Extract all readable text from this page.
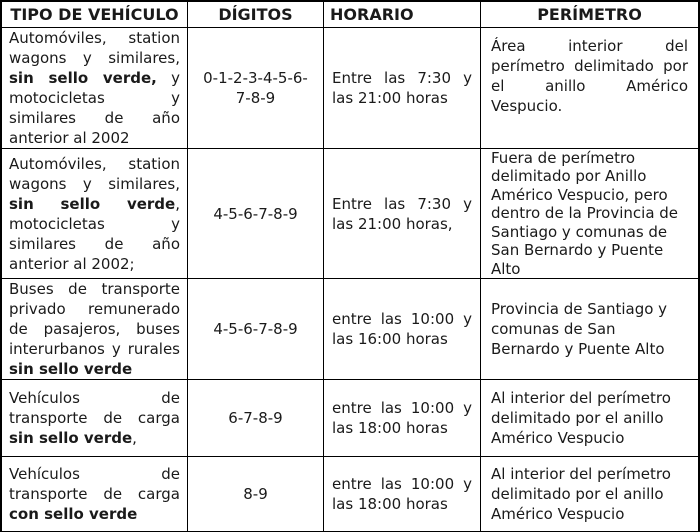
TIPO DE VEHÍCULO	DÍGITOS	HORARIO	PERÍMETRO
Automóviles, station wagons y similares, sin sello verde, y motocicletas y similares de año anterior al 2002	0-1-2-3-4-5-6-7-8-9	Entre las 7:30 y las 21:00 horas	Área interior del perímetro delimitado por el anillo Américo Vespucio.
Automóviles, station wagons y similares, sin sello verde, motocicletas y similares de año anterior al 2002;	4-5-6-7-8-9	Entre las 7:30 y las 21:00 horas,	Fuera de perímetro delimitado por Anillo Américo Vespucio, pero dentro de la Provincia de Santiago y comunas de San Bernardo y Puente Alto
Buses de transporte privado remunerado de pasajeros, buses interurbanos y rurales sin sello verde	4-5-6-7-8-9	entre las 10:00 y las 16:00 horas	Provincia de Santiago y comunas de San Bernardo y Puente Alto
Vehículos de transporte de carga sin sello verde,	6-7-8-9	entre las 10:00 y las 18:00 horas	Al interior del perímetro delimitado por el anillo Américo Vespucio
Vehículos de transporte de carga con sello verde	8-9	entre las 10:00 y las 18:00 horas	Al interior del perímetro delimitado por el anillo Américo Vespucio
